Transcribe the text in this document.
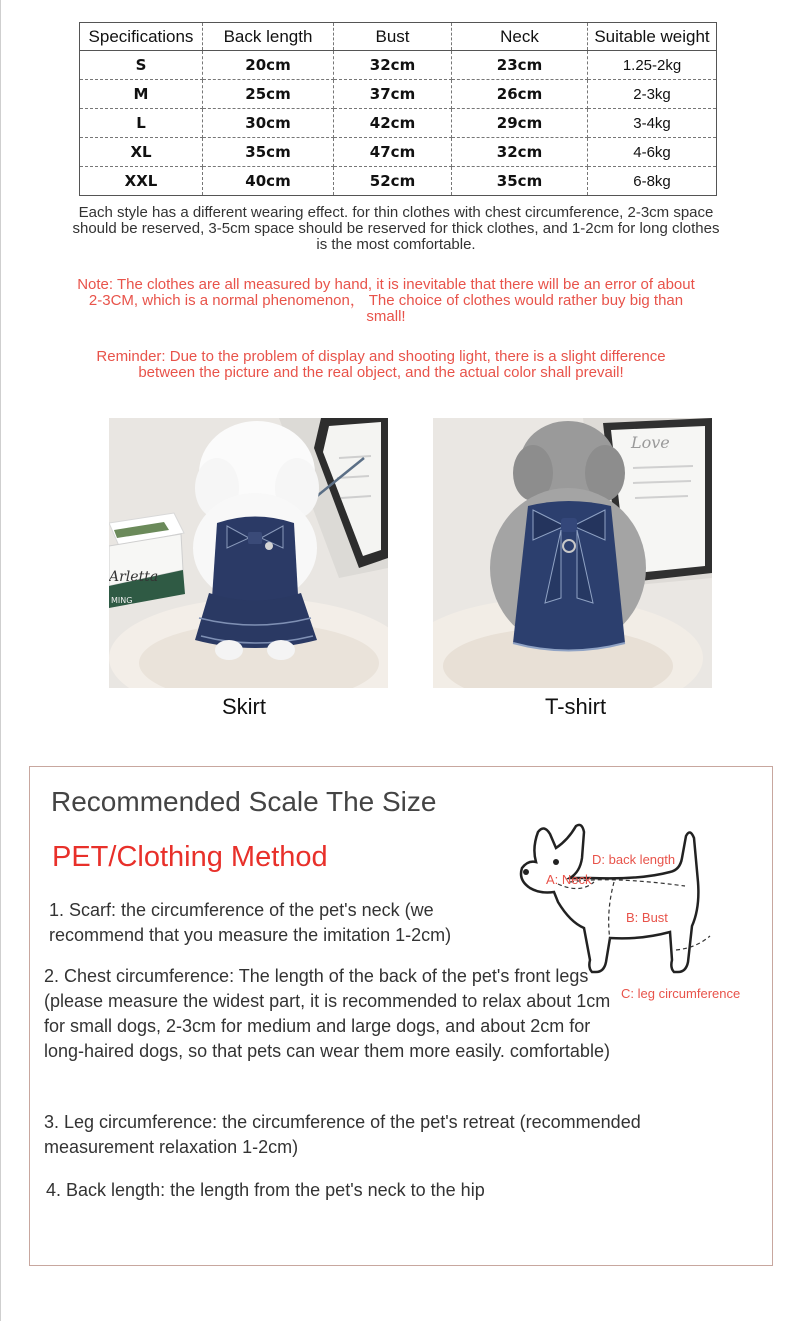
Specifications	Back length	Bust	Neck	Suitable weight
S	20cm	32cm	23cm	1.25-2kg
M	25cm	37cm	26cm	2-3kg
L	30cm	42cm	29cm	3-4kg
XL	35cm	47cm	32cm	4-6kg
XXL	40cm	52cm	35cm	6-8kg
Each style has a different wearing effect. for thin clothes with chest circumference, 2-3cm space should be reserved, 3-5cm space should be reserved for thick clothes, and 1-2cm for long clothes is the most comfortable.
Note: The clothes are all measured by hand, it is inevitable that there will be an error of about 2-3CM, which is a normal phenomenon， The choice of clothes would rather buy big than small!
Reminder: Due to the problem of display and shooting light, there is a slight difference between the picture and the real object, and the actual color shall prevail!
Arletta
MING
Love
Skirt	T-shirt
Recommended Scale The Size
PET/Clothing Method
1. Scarf: the circumference of the pet's neck (we recommend that you measure the imitation 1-2cm)
2. Chest circumference: The length of the back of the pet's front legs (please measure the widest part, it is recommended to relax about 1cm for small dogs, 2-3cm for medium and large dogs, and about 2cm for long-haired dogs, so that pets can wear them more easily. comfortable)
3. Leg circumference: the circumference of the pet's retreat (recommended measurement relaxation 1-2cm)
4. Back length: the length from the pet's neck to the hip
D: back length
A: Neck
B: Bust
C: leg circumference
